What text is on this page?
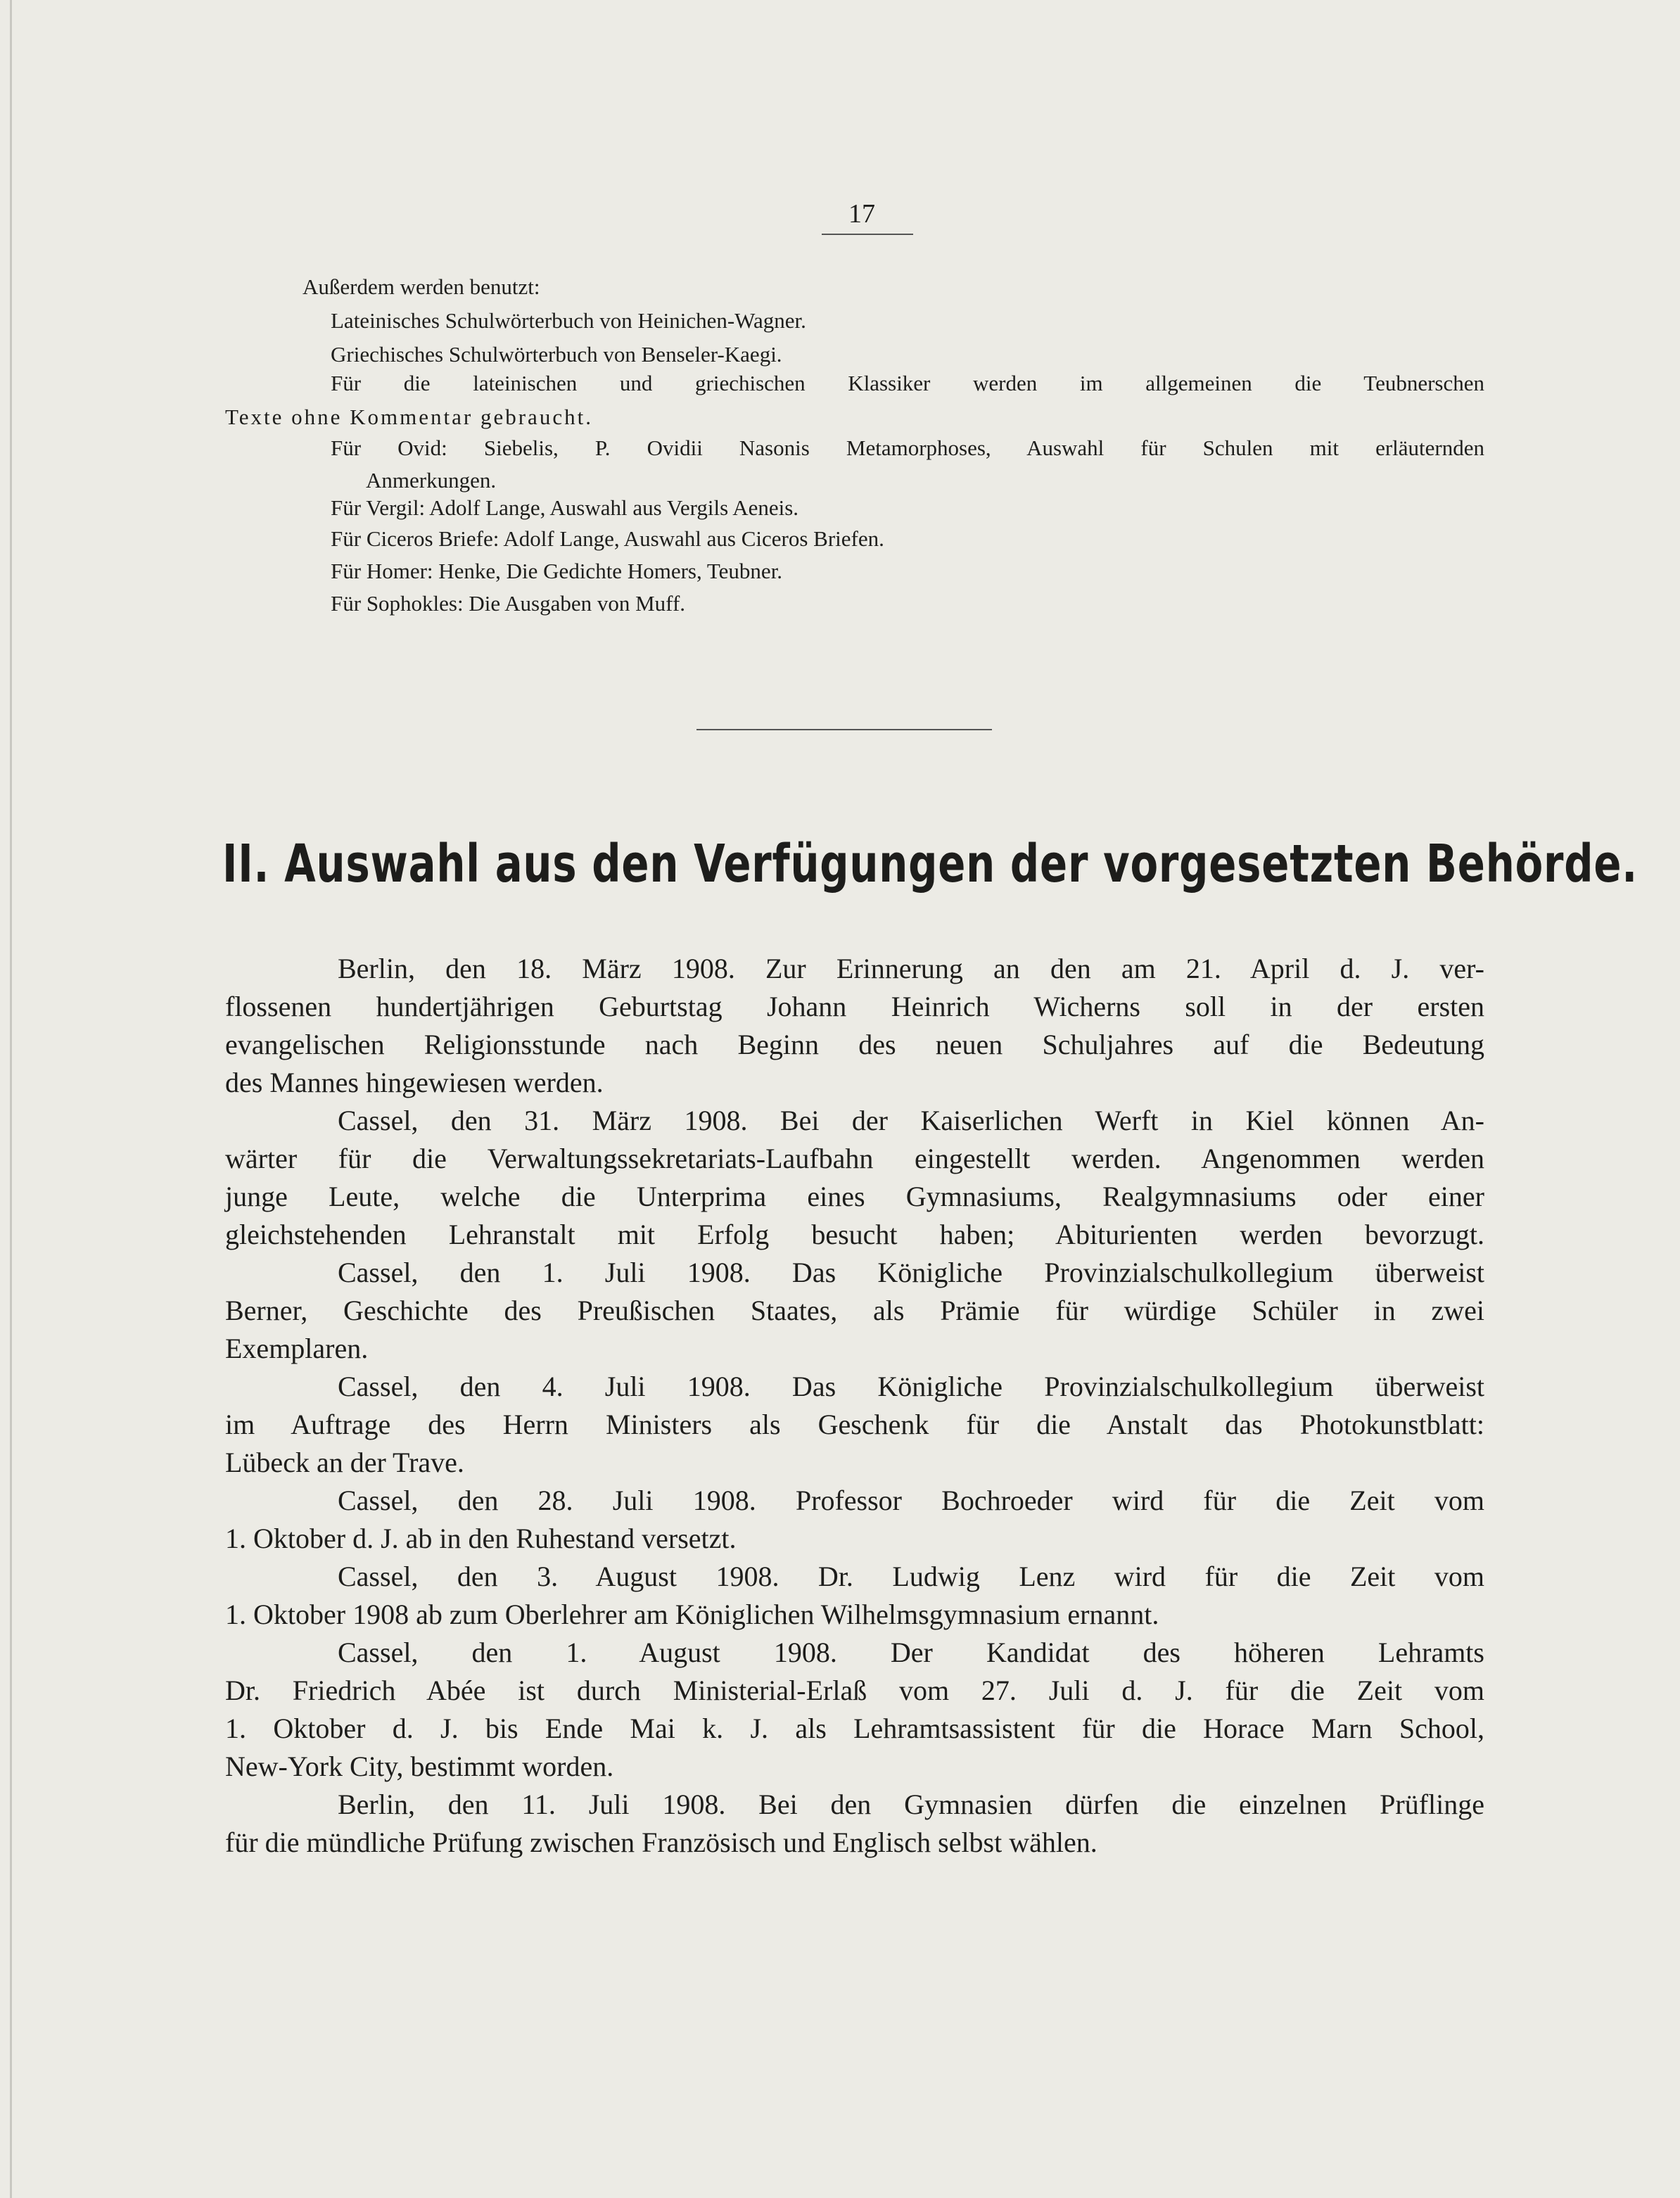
17
Außerdem werden benutzt:
Lateinisches Schulwörterbuch von Heinichen-Wagner.
Griechisches Schulwörterbuch von Benseler-Kaegi.
Für die lateinischen und griechischen Klassiker werden im allgemeinen die Teubnerschen
Texte ohne Kommentar gebraucht.
Für Ovid: Siebelis, P. Ovidii Nasonis Metamorphoses, Auswahl für Schulen mit erläuternden
Anmerkungen.
Für Vergil: Adolf Lange, Auswahl aus Vergils Aeneis.
Für Ciceros Briefe: Adolf Lange, Auswahl aus Ciceros Briefen.
Für Homer: Henke, Die Gedichte Homers, Teubner.
Für Sophokles: Die Ausgaben von Muff.
II. Auswahl aus den Verfügungen der vorgesetzten Behörde.
Berlin, den 18. März 1908. Zur Erinnerung an den am 21. April d. J. ver-
flossenen hundertjährigen Geburtstag Johann Heinrich Wicherns soll in der ersten
evangelischen Religionsstunde nach Beginn des neuen Schuljahres auf die Bedeutung
des Mannes hingewiesen werden.
Cassel, den 31. März 1908. Bei der Kaiserlichen Werft in Kiel können An-
wärter für die Verwaltungssekretariats-Laufbahn eingestellt werden. Angenommen werden
junge Leute, welche die Unterprima eines Gymnasiums, Realgymnasiums oder einer
gleichstehenden Lehranstalt mit Erfolg besucht haben; Abiturienten werden bevorzugt.
Cassel, den 1. Juli 1908. Das Königliche Provinzialschulkollegium überweist
Berner, Geschichte des Preußischen Staates, als Prämie für würdige Schüler in zwei
Exemplaren.
Cassel, den 4. Juli 1908. Das Königliche Provinzialschulkollegium überweist
im Auftrage des Herrn Ministers als Geschenk für die Anstalt das Photokunstblatt:
Lübeck an der Trave.
Cassel, den 28. Juli 1908. Professor Bochroeder wird für die Zeit vom
1. Oktober d. J. ab in den Ruhestand versetzt.
Cassel, den 3. August 1908. Dr. Ludwig Lenz wird für die Zeit vom
1. Oktober 1908 ab zum Oberlehrer am Königlichen Wilhelmsgymnasium ernannt.
Cassel, den 1. August 1908. Der Kandidat des höheren Lehramts
Dr. Friedrich Abée ist durch Ministerial-Erlaß vom 27. Juli d. J. für die Zeit vom
1. Oktober d. J. bis Ende Mai k. J. als Lehramtsassistent für die Horace Marn School,
New-York City, bestimmt worden.
Berlin, den 11. Juli 1908. Bei den Gymnasien dürfen die einzelnen Prüflinge
für die mündliche Prüfung zwischen Französisch und Englisch selbst wählen.
